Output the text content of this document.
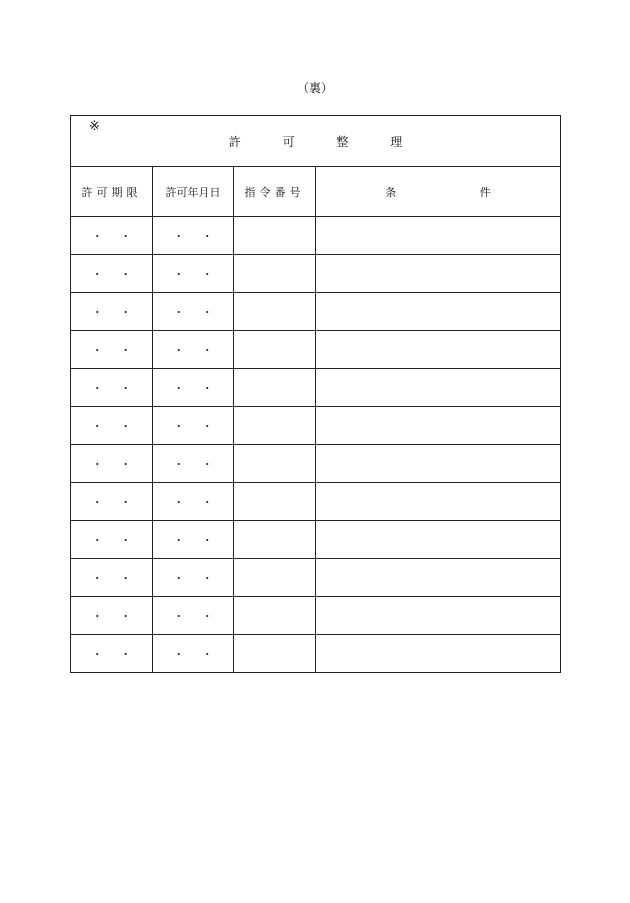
（裏）
※
許 可 整 理			

許可期限	許可年月日	指令番号	条 件
・ ・	・ ・		
・ ・	・ ・		
・ ・	・ ・		
・ ・	・ ・		
・ ・	・ ・		
・ ・	・ ・		
・ ・	・ ・		
・ ・	・ ・		
・ ・	・ ・		
・ ・	・ ・		
・ ・	・ ・		
・ ・	・ ・		
